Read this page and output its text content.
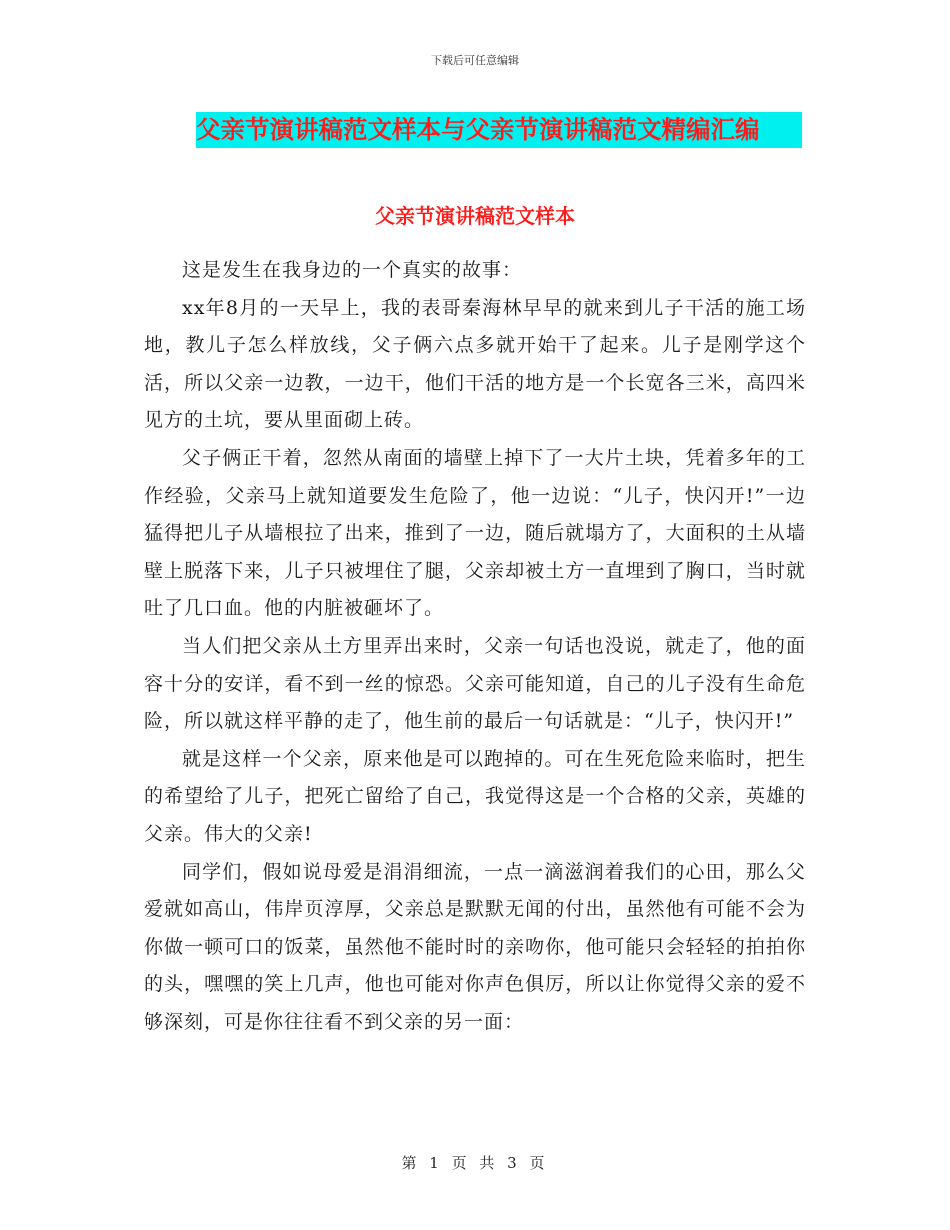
下载后可任意编辑
父亲节演讲稿范文样本与父亲节演讲稿范文精编汇编
父亲节演讲稿范文样本

这是发生在我身边的一个真实的故事：

xx年8月的一天早上，我的表哥秦海林早早的就来到儿子干活的施工场地，教儿子怎么样放线，父子俩六点多就开始干了起来。儿子是刚学这个活，所以父亲一边教，一边干，他们干活的地方是一个长宽各三米，高四米见方的土坑，要从里面砌上砖。

父子俩正干着，忽然从南面的墙壁上掉下了一大片土块，凭着多年的工作经验，父亲马上就知道要发生危险了，他一边说：“儿子，快闪开!”一边猛得把儿子从墙根拉了出来，推到了一边，随后就塌方了，大面积的土从墙壁上脱落下来，儿子只被埋住了腿，父亲却被土方一直埋到了胸口，当时就吐了几口血。他的内脏被砸坏了。

当人们把父亲从土方里弄出来时，父亲一句话也没说，就走了，他的面容十分的安详，看不到一丝的惊恐。父亲可能知道，自己的儿子没有生命危险，所以就这样平静的走了，他生前的最后一句话就是：“儿子，快闪开!”

就是这样一个父亲，原来他是可以跑掉的。可在生死危险来临时，把生的希望给了儿子，把死亡留给了自己，我觉得这是一个合格的父亲，英雄的父亲。伟大的父亲!

同学们，假如说母爱是涓涓细流，一点一滴滋润着我们的心田，那么父爱就如高山，伟岸页淳厚，父亲总是默默无闻的付出，虽然他有可能不会为你做一顿可口的饭菜，虽然他不能时时的亲吻你，他可能只会轻轻的拍拍你的头，嘿嘿的笑上几声，他也可能对你声色俱厉，所以让你觉得父亲的爱不够深刻，可是你往往看不到父亲的另一面：

第 1 页 共 3 页
